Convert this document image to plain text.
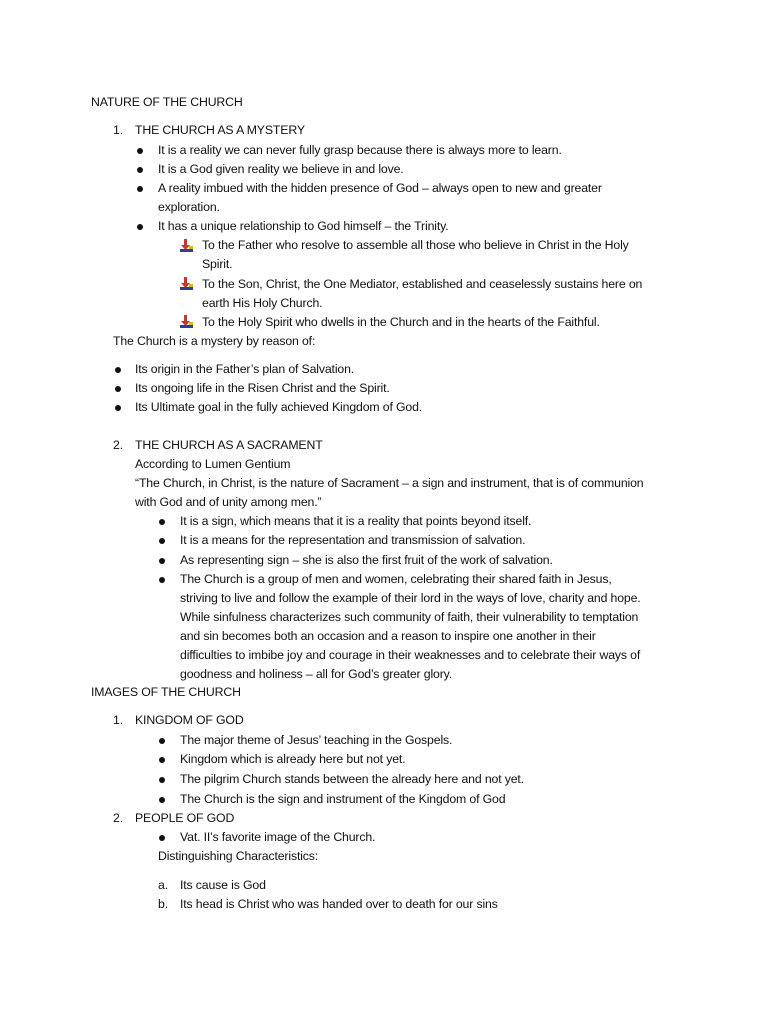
NATURE OF THE CHURCH
1. THE CHURCH AS A MYSTERY
It is a reality we can never fully grasp because there is always more to learn.
It is a God given reality we believe in and love.
A reality imbued with the hidden presence of God – always open to new and greater
exploration.
It has a unique relationship to God himself – the Trinity.
To the Father who resolve to assemble all those who believe in Christ in the Holy
Spirit.
To the Son, Christ, the One Mediator, established and ceaselessly sustains here on
earth His Holy Church.
To the Holy Spirit who dwells in the Church and in the hearts of the Faithful.
The Church is a mystery by reason of:
Its origin in the Father’s plan of Salvation.
Its ongoing life in the Risen Christ and the Spirit.
Its Ultimate goal in the fully achieved Kingdom of God.
2. THE CHURCH AS A SACRAMENT
According to Lumen Gentium
“The Church, in Christ, is the nature of Sacrament – a sign and instrument, that is of communion
with God and of unity among men.”
It is a sign, which means that it is a reality that points beyond itself.
It is a means for the representation and transmission of salvation.
As representing sign – she is also the first fruit of the work of salvation.
The Church is a group of men and women, celebrating their shared faith in Jesus,
striving to live and follow the example of their lord in the ways of love, charity and hope.
While sinfulness characterizes such community of faith, their vulnerability to temptation
and sin becomes both an occasion and a reason to inspire one another in their
difficulties to imbibe joy and courage in their weaknesses and to celebrate their ways of
goodness and holiness – all for God’s greater glory.
IMAGES OF THE CHURCH
1. KINGDOM OF GOD
The major theme of Jesus’ teaching in the Gospels.
Kingdom which is already here but not yet.
The pilgrim Church stands between the already here and not yet.
The Church is the sign and instrument of the Kingdom of God
2. PEOPLE OF GOD
Vat. II’s favorite image of the Church.
Distinguishing Characteristics:
a. Its cause is God
b. Its head is Christ who was handed over to death for our sins
